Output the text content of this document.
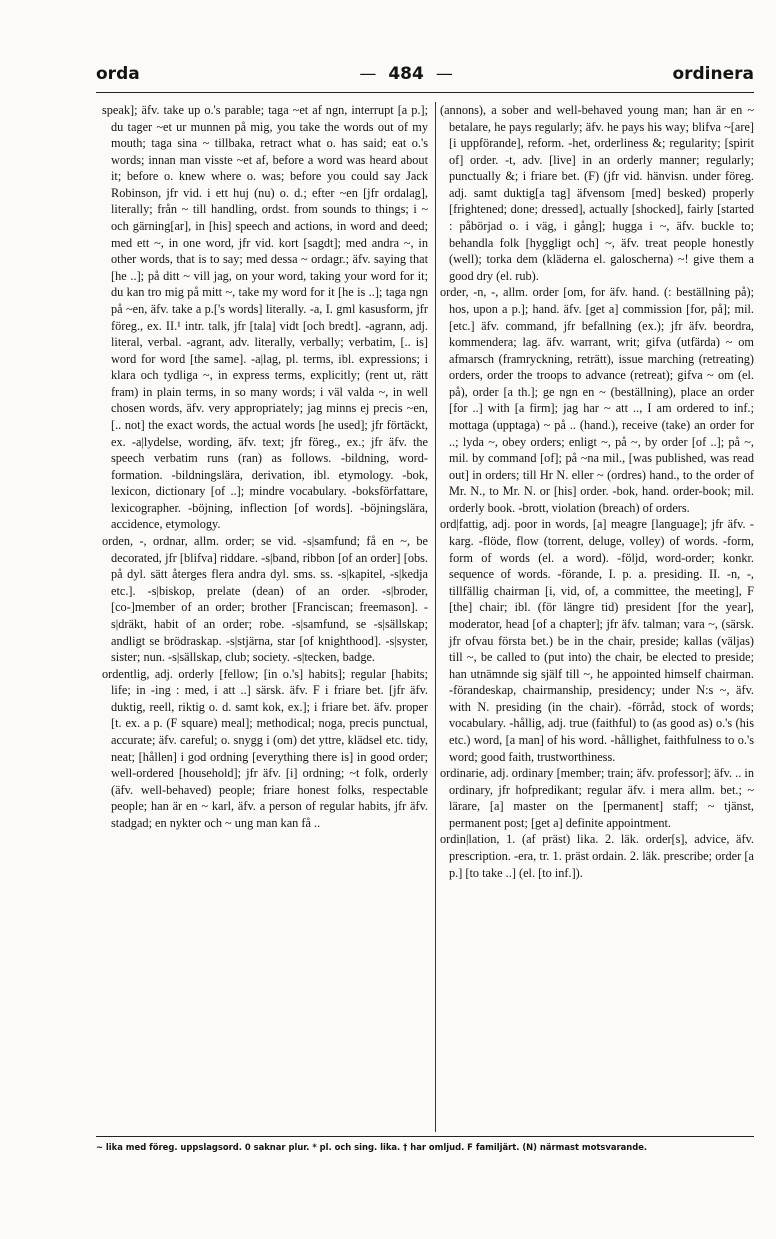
orda	— 484 —	ordinera

speak]; äfv. take up o.'s parable; taga ~et af ngn, interrupt [a p.]; du tager ~et ur munnen på mig, you take the words out of my mouth; taga sina ~ tillbaka, retract what o. has said; eat o.'s words; innan man visste ~et af, before a word was heard about it; before o. knew where o. was; before you could say Jack Robinson, jfr vid. i ett huj (nu) o. d.; efter ~en [jfr ordalag], literally; från ~ till handling, ordst. from sounds to things; i ~ och gärning[ar], in [his] speech and actions, in word and deed; med ett ~, in one word, jfr vid. kort [sagdt]; med andra ~, in other words, that is to say; med dessa ~ ordagr.; äfv. saying that [he ..]; på ditt ~ vill jag, on your word, taking your word for it; du kan tro mig på mitt ~, take my word for it [he is ..]; taga ngn på ~en, äfv. take a p.['s words] literally. -a, I. gml kasusform, jfr föreg., ex. II.¹ intr. talk, jfr [tala] vidt [och bredt]. -agrann, adj. literal, verbal. -agrant, adv. literally, verbally; verbatim, [.. is] word for word [the same]. -a|lag, pl. terms, ibl. expressions; i klara och tydliga ~, in express terms, explicitly; (rent ut, rätt fram) in plain terms, in so many words; i väl valda ~, in well chosen words, äfv. very appropriately; jag minns ej precis ~en, [.. not] the exact words, the actual words [he used]; jfr förtäckt, ex. -a|lydelse, wording, äfv. text; jfr föreg., ex.; jfr äfv. the speech verbatim runs (ran) as follows. -bildning, word-formation. -bildningslära, derivation, ibl. etymology. -bok, lexicon, dictionary [of ..]; mindre vocabulary. -boksförfattare, lexicographer. -böjning, inflection [of words]. -böjningslära, accidence, etymology.

orden, -, ordnar, allm. order; se vid. -s|samfund; få en ~, be decorated, jfr [blifva] riddare. -s|band, ribbon [of an order] [obs. på dyl. sätt återges flera andra dyl. sms. ss. -s|kapitel, -s|kedja etc.]. -s|biskop, prelate (dean) of an order. -s|broder, [co-]member of an order; brother [Franciscan; freemason]. -s|dräkt, habit of an order; robe. -s|samfund, se -s|sällskap; andligt se brödraskap. -s|stjärna, star [of knighthood]. -s|syster, sister; nun. -s|sällskap, club; society. -s|tecken, badge.

ordentlig, adj. orderly [fellow; [in o.'s] habits]; regular [habits; life; in -ing : med, i att ..] särsk. äfv. F i friare bet. [jfr äfv. duktig, reell, riktig o. d. samt kok, ex.]; i friare bet. äfv. proper [t. ex. a p. (F square) meal]; methodical; noga, precis punctual, accurate; äfv. careful; o. snygg i (om) det yttre, klädsel etc. tidy, neat; [hållen] i god ordning [everything there is] in good order; well-ordered [household]; jfr äfv. [i] ordning; ~t folk, orderly (äfv. well-behaved) people; friare honest folks, respectable people; han är en ~ karl, äfv. a person of regular habits, jfr äfv. stadgad; en nykter och ~ ung man kan få ..

(annons), a sober and well-behaved young man; han är en ~ betalare, he pays regularly; äfv. he pays his way; blifva ~[are] [i uppförande], reform. -het, orderliness &; regularity; [spirit of] order. -t, adv. [live] in an orderly manner; regularly; punctually &; i friare bet. (F) (jfr vid. hänvisn. under föreg. adj. samt duktig[a tag] äfvensom [med] besked) properly [frightened; done; dressed], actually [shocked], fairly [started : påbörjad o. i väg, i gång]; hugga i ~, äfv. buckle to; behandla folk [hyggligt och] ~, äfv. treat people honestly (well); torka dem (kläderna el. galoscherna) ~! give them a good dry (el. rub).

order, -n, -, allm. order [om, for äfv. hand. (: beställning på); hos, upon a p.]; hand. äfv. [get a] commission [for, på]; mil. [etc.] äfv. command, jfr befallning (ex.); jfr äfv. beordra, kommendera; lag. äfv. warrant, writ; gifva (utfärda) ~ om afmarsch (framryckning, reträtt), issue marching (retreating) orders, order the troops to advance (retreat); gifva ~ om (el. på), order [a th.]; ge ngn en ~ (beställning), place an order [for ..] with [a firm]; jag har ~ att .., I am ordered to inf.; mottaga (upptaga) ~ på .. (hand.), receive (take) an order for ..; lyda ~, obey orders; enligt ~, på ~, by order [of ..]; på ~, mil. by command [of]; på ~na mil., [was published, was read out] in orders; till Hr N. eller ~ (ordres) hand., to the order of Mr. N., to Mr. N. or [his] order. -bok, hand. order-book; mil. orderly book. -brott, violation (breach) of orders.

ord|fattig, adj. poor in words, [a] meagre [language]; jfr äfv. -karg. -flöde, flow (torrent, deluge, volley) of words. -form, form of words (el. a word). -följd, word-order; konkr. sequence of words. -förande, I. p. a. presiding. II. -n, -, tillfällig chairman [i, vid, of, a committee, the meeting], F [the] chair; ibl. (för längre tid) president [for the year], moderator, head [of a chapter]; jfr äfv. talman; vara ~, (särsk. jfr ofvau första bet.) be in the chair, preside; kallas (väljas) till ~, be called to (put into) the chair, be elected to preside; han utnämnde sig själf till ~, he appointed himself chairman. -förandeskap, chairmanship, presidency; under N:s ~, äfv. with N. presiding (in the chair). -förråd, stock of words; vocabulary. -hållig, adj. true (faithful) to (as good as) o.'s (his etc.) word, [a man] of his word. -hållighet, faithfulness to o.'s word; good faith, trustworthiness.

ordinarie, adj. ordinary [member; train; äfv. professor]; äfv. .. in ordinary, jfr hofpredikant; regular äfv. i mera allm. bet.; ~ lärare, [a] master on the [permanent] staff; ~ tjänst, permanent post; [get a] definite appointment.

ordin|lation, 1. (af präst) lika. 2. läk. order[s], advice, äfv. prescription. -era, tr. 1. präst ordain. 2. läk. prescribe; order [a p.] [to take ..] (el. [to inf.]).

~ lika med föreg. uppslagsord. 0 saknar plur. * pl. och sing. lika. † har omljud. F familjärt. (N) närmast motsvarande.
